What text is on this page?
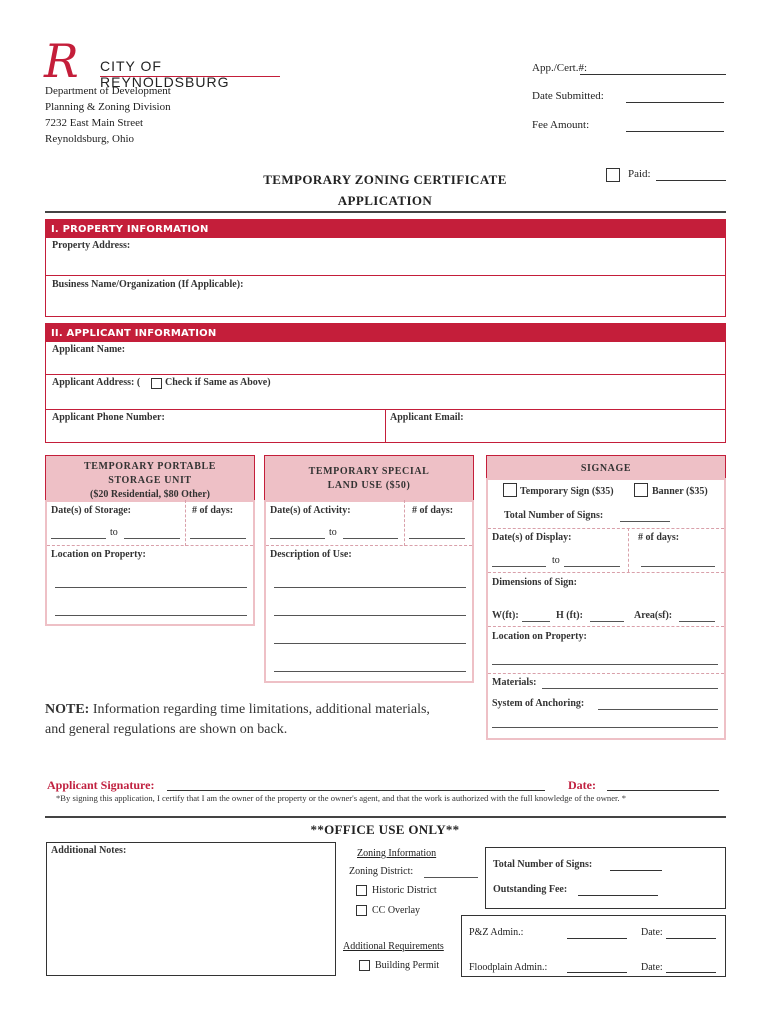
R CITY OF REYNOLDSBURG
Department of Development
Planning & Zoning Division
7232 East Main Street
Reynoldsburg, Ohio
App./Cert.#:
Date Submitted:
Fee Amount:
Paid:
TEMPORARY ZONING CERTIFICATE
APPLICATION
I. PROPERTY INFORMATION
Property Address:
Business Name/Organization (If Applicable):
II. APPLICANT INFORMATION
Applicant Name:
Applicant Address: ( Check if Same as Above)
Applicant Phone Number:	Applicant Email:
TEMPORARY PORTABLE
STORAGE UNIT
($20 Residential, $80 Other)
Date(s) of Storage:	# of days:
to
Location on Property:
TEMPORARY SPECIAL
LAND USE ($50)
Date(s) of Activity:	# of days:
to
Description of Use:
SIGNAGE
Temporary Sign ($35)	Banner ($35)
Total Number of Signs:
Date(s) of Display:	# of days:
to
Dimensions of Sign:
W(ft):	H (ft):	Area(sf):
Location on Property:
Materials:
System of Anchoring:
NOTE: Information regarding time limitations, additional materials,
and general regulations are shown on back.
Applicant Signature:	Date:
*By signing this application, I certify that I am the owner of the property or the owner's agent, and that the work is authorized with the full knowledge of the owner. *
**OFFICE USE ONLY**
Additional Notes:	Zoning Information
Zoning District:
Historic District
CC Overlay
Additional Requirements
Building Permit
Total Number of Signs:
Outstanding Fee:
P&Z Admin.:	Date:
Floodplain Admin.:	Date:
